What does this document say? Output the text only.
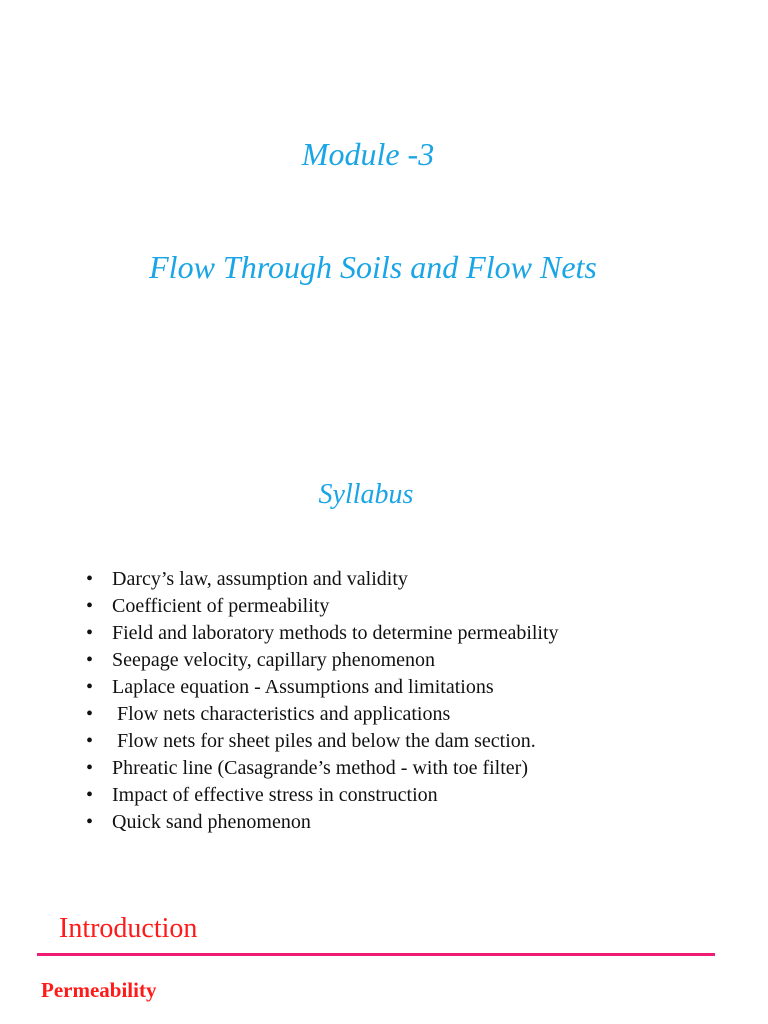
Module -3
Flow Through Soils and Flow Nets
Syllabus
• Darcy’s law, assumption and validity
• Coefficient of permeability
• Field and laboratory methods to determine permeability
• Seepage velocity, capillary phenomenon
• Laplace equation - Assumptions and limitations
• Flow nets characteristics and applications
• Flow nets for sheet piles and below the dam section.
• Phreatic line (Casagrande’s method - with toe filter)
• Impact of effective stress in construction
• Quick sand phenomenon
Introduction
Permeability
